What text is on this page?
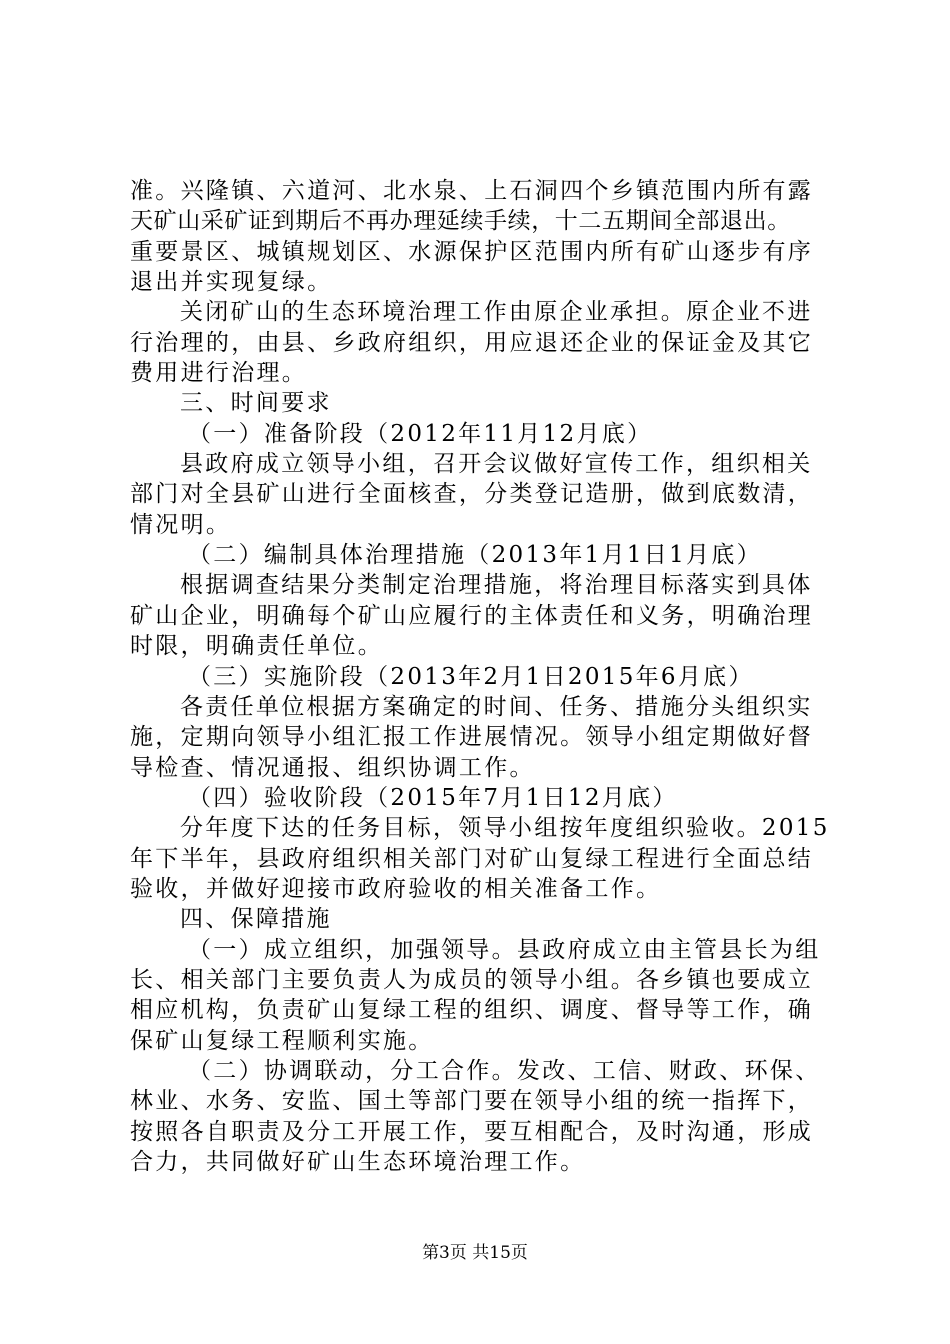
准。兴隆镇、六道河、北水泉、上石洞四个乡镇范围内所有露
天矿山采矿证到期后不再办理延续手续，十二五期间全部退出。
重要景区、城镇规划区、水源保护区范围内所有矿山逐步有序
退出并实现复绿。
关闭矿山的生态环境治理工作由原企业承担。原企业不进
行治理的，由县、乡政府组织，用应退还企业的保证金及其它
费用进行治理。
三、时间要求
（一）准备阶段（2012年11月12月底）
县政府成立领导小组，召开会议做好宣传工作，组织相关
部门对全县矿山进行全面核查，分类登记造册，做到底数清，
情况明。
（二）编制具体治理措施（2013年1月1日1月底）
根据调查结果分类制定治理措施，将治理目标落实到具体
矿山企业，明确每个矿山应履行的主体责任和义务，明确治理
时限，明确责任单位。
（三）实施阶段（2013年2月1日2015年6月底）
各责任单位根据方案确定的时间、任务、措施分头组织实
施，定期向领导小组汇报工作进展情况。领导小组定期做好督
导检查、情况通报、组织协调工作。
（四）验收阶段（2015年7月1日12月底）
分年度下达的任务目标，领导小组按年度组织验收。2015
年下半年，县政府组织相关部门对矿山复绿工程进行全面总结
验收，并做好迎接市政府验收的相关准备工作。
四、保障措施
（一）成立组织，加强领导。县政府成立由主管县长为组
长、相关部门主要负责人为成员的领导小组。各乡镇也要成立
相应机构，负责矿山复绿工程的组织、调度、督导等工作，确
保矿山复绿工程顺利实施。
（二）协调联动，分工合作。发改、工信、财政、环保、
林业、水务、安监、国土等部门要在领导小组的统一指挥下，
按照各自职责及分工开展工作，要互相配合，及时沟通，形成
合力，共同做好矿山生态环境治理工作。
第3页 共15页
